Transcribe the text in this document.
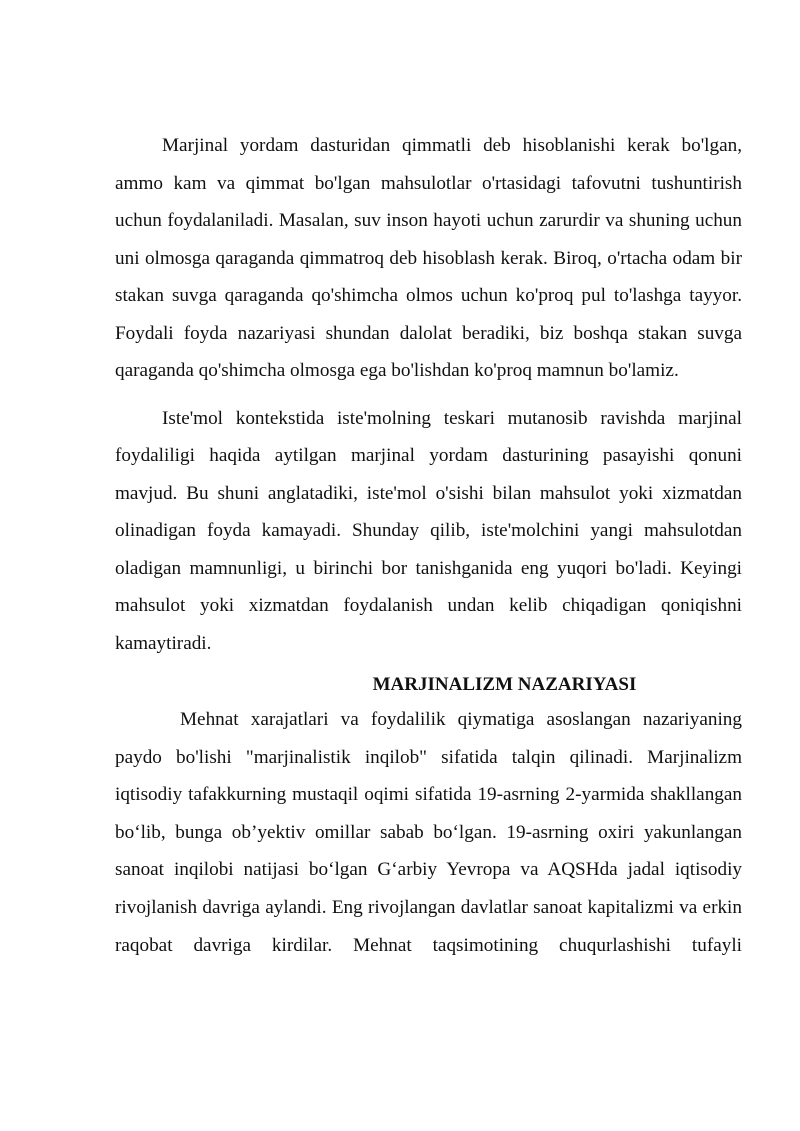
Marjinal yordam dasturidan qimmatli deb hisoblanishi kerak bo'lgan, ammo kam va qimmat bo'lgan mahsulotlar o'rtasidagi tafovutni tushuntirish uchun foydalaniladi. Masalan, suv inson hayoti uchun zarurdir va shuning uchun uni olmosga qaraganda qimmatroq deb hisoblash kerak. Biroq, o'rtacha odam bir stakan suvga qaraganda qo'shimcha olmos uchun ko'proq pul to'lashga tayyor. Foydali foyda nazariyasi shundan dalolat beradiki, biz boshqa stakan suvga qaraganda qo'shimcha olmosga ega bo'lishdan ko'proq mamnun bo'lamiz.

Iste'mol kontekstida iste'molning teskari mutanosib ravishda marjinal foydaliligi haqida aytilgan marjinal yordam dasturining pasayishi qonuni mavjud. Bu shuni anglatadiki, iste'mol o'sishi bilan mahsulot yoki xizmatdan olinadigan foyda kamayadi. Shunday qilib, iste'molchini yangi mahsulotdan oladigan mamnunligi, u birinchi bor tanishganida eng yuqori bo'ladi. Keyingi mahsulot yoki xizmatdan foydalanish undan kelib chiqadigan qoniqishni kamaytiradi.

MARJINALIZM NAZARIYASI

Mehnat xarajatlari va foydalilik qiymatiga asoslangan nazariyaning paydo bo'lishi "marjinalistik inqilob" sifatida talqin qilinadi. Marjinalizm iqtisodiy tafakkurning mustaqil oqimi sifatida 19-asrning 2-yarmida shakllangan bo‘lib, bunga ob’yektiv omillar sabab bo‘lgan. 19-asrning oxiri yakunlangan sanoat inqilobi natijasi bo‘lgan G‘arbiy Yevropa va AQSHda jadal iqtisodiy rivojlanish davriga aylandi. Eng rivojlangan davlatlar sanoat kapitalizmi va erkin raqobat davriga kirdilar. Mehnat taqsimotining chuqurlashishi tufayli
